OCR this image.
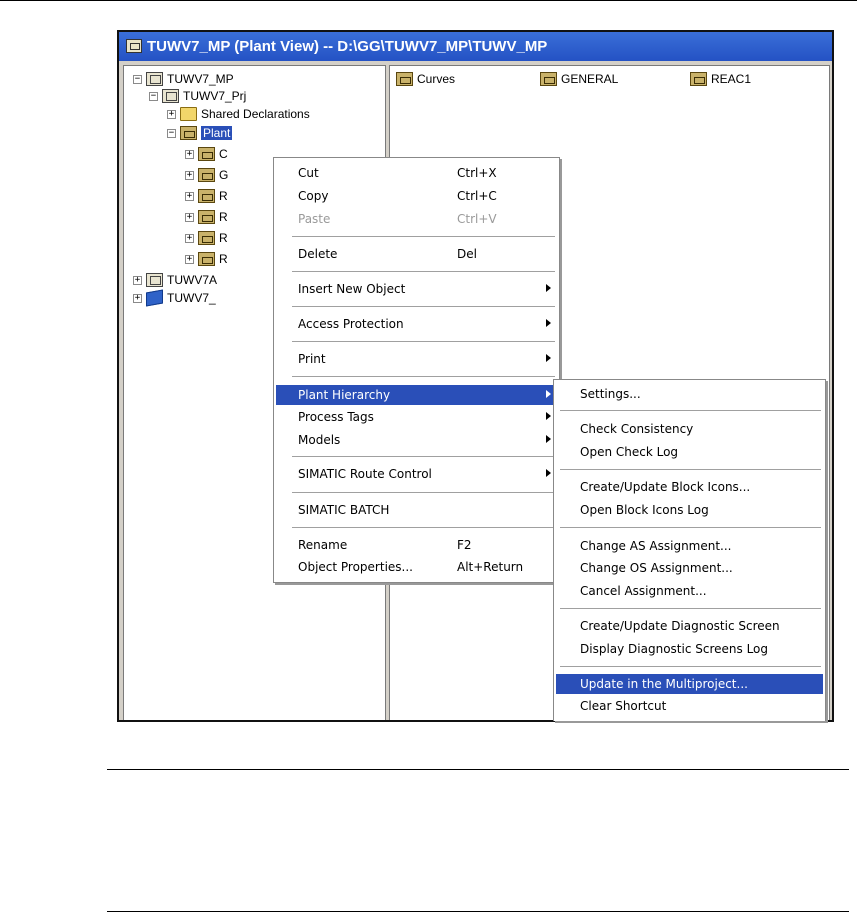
TUWV7_MP (Plant View) -- D:\GG\TUWV7_MP\TUWV_MP
− TUWV7_MP
− TUWV7_Prj
+ Shared Declarations
− Plant
+ C
+ G
+ R
+ R
+ R
+ R
+ TUWV7A
+ TUWV7_
Curves	GENERAL	REAC1
Cut	Ctrl+X
Copy	Ctrl+C
Paste	Ctrl+V
Delete	Del
Insert New Object
Access Protection
Print
Plant Hierarchy
Process Tags
Models
SIMATIC Route Control
SIMATIC BATCH
Rename	F2
Object Properties...	Alt+Return
Settings...
Check Consistency
Open Check Log
Create/Update Block Icons...
Open Block Icons Log
Change AS Assignment...
Change OS Assignment...
Cancel Assignment...
Create/Update Diagnostic Screen
Display Diagnostic Screens Log
Update in the Multiproject...
Clear Shortcut
